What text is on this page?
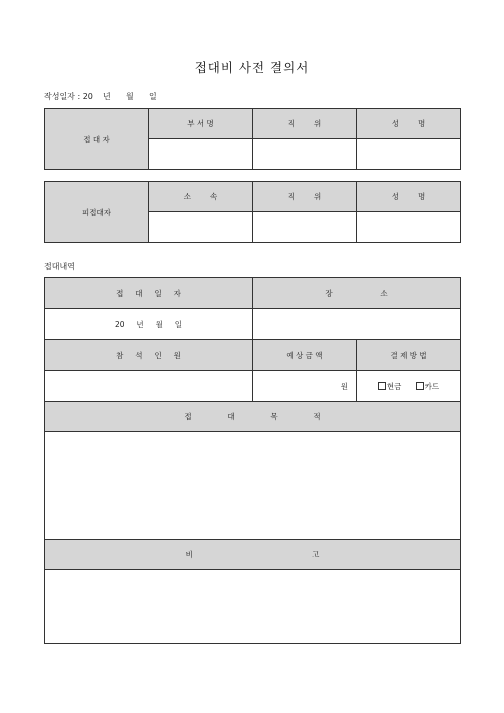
접대비 사전 결의서
작성일자 : 20    년      월      일
접 대 자	부 서 명	직        위	성        명

피접대자	소        속	직        위	성        명

접대내역
접     대     일     자	장                    소	
20     년     월     일		
참     석     인     원	예 상 금 액	결 제 방 법
	원	현금 카드
접               대               목               적		

비                                                  고		
